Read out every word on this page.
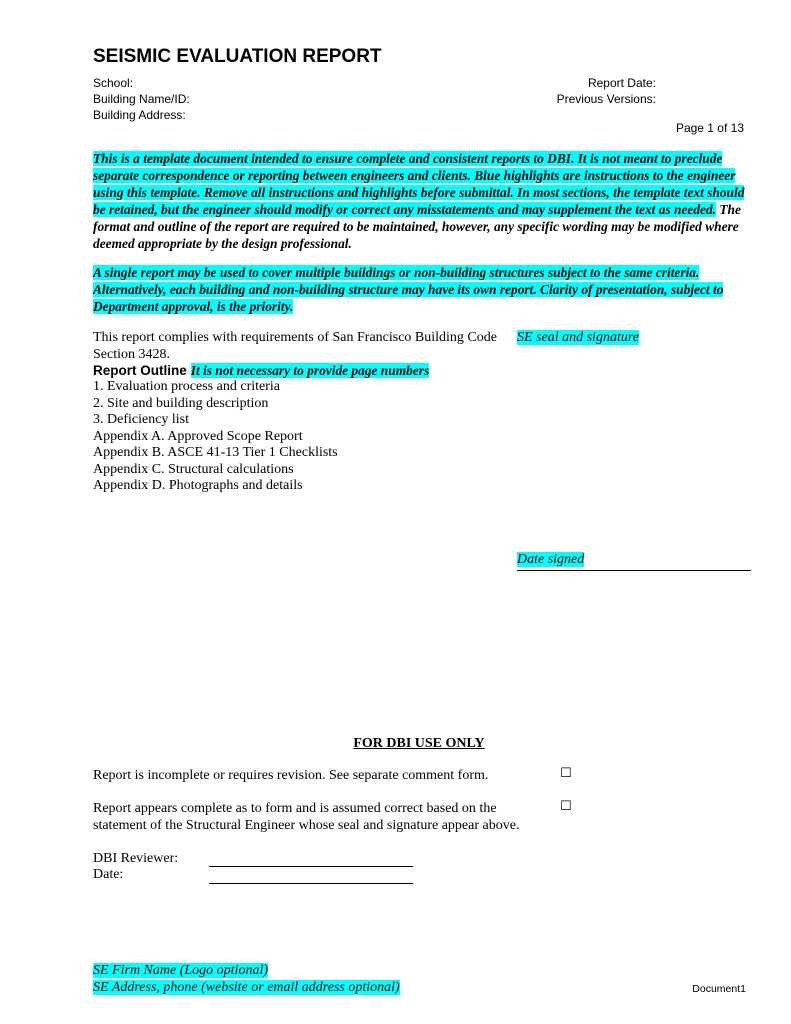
SEISMIC EVALUATION REPORT
School:
Building Name/ID:
Building Address:
Report Date:
Previous Versions:
Page 1 of 13
This is a template document intended to ensure complete and consistent reports to DBI. It is not meant to preclude separate correspondence or reporting between engineers and clients. Blue highlights are instructions to the engineer using this template. Remove all instructions and highlights before submittal. In most sections, the template text should be retained, but the engineer should modify or correct any misstatements and may supplement the text as needed. The format and outline of the report are required to be maintained, however, any specific wording may be modified where deemed appropriate by the design professional.
A single report may be used to cover multiple buildings or non-building structures subject to the same criteria. Alternatively, each building and non-building structure may have its own report. Clarity of presentation, subject to Department approval, is the priority.
This report complies with requirements of San Francisco Building Code Section 3428.
SE seal and signature
Report Outline It is not necessary to provide page numbers
1. Evaluation process and criteria
2. Site and building description
3. Deficiency list
Appendix A. Approved Scope Report
Appendix B. ASCE 41-13 Tier 1 Checklists
Appendix C. Structural calculations
Appendix D. Photographs and details
Date signed
FOR DBI USE ONLY
Report is incomplete or requires revision. See separate comment form.	☐
Report appears complete as to form and is assumed correct based on the statement of the Structural Engineer whose seal and signature appear above.
☐
DBI Reviewer:
Date:
SE Firm Name (Logo optional)
SE Address, phone (website or email address optional)	Document1
